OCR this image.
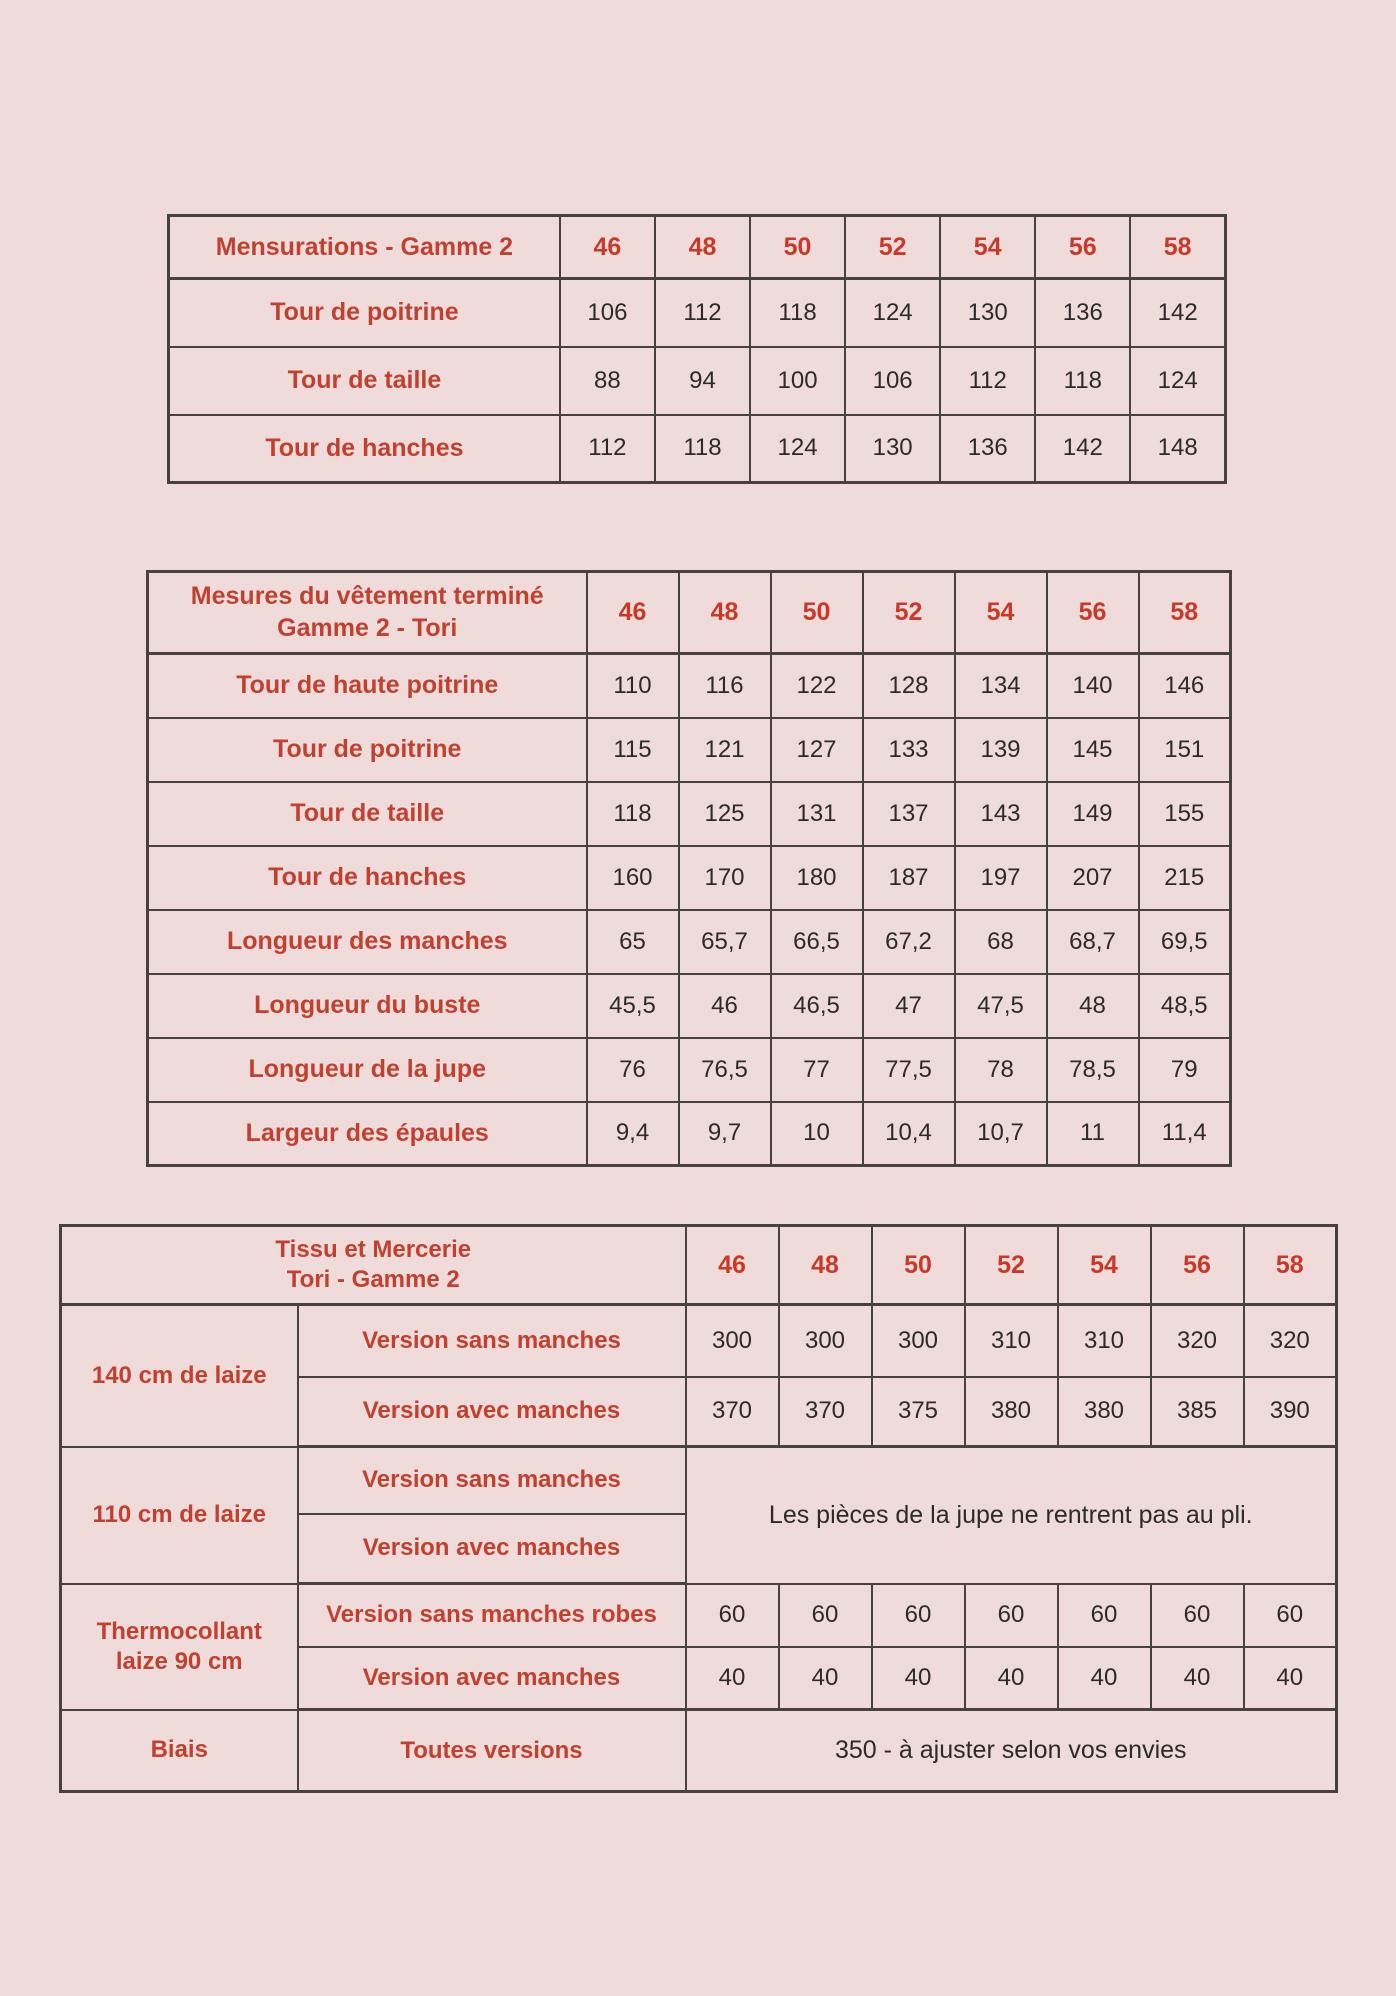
Mensurations - Gamme 2	46	48	50	52	54	56	58
Tour de poitrine	106	112	118	124	130	136	142
Tour de taille	88	94	100	106	112	118	124
Tour de hanches	112	118	124	130	136	142	148
Mesures du vêtement terminé
Gamme 2 - Tori	46	48	50	52	54	56	58
Tour de haute poitrine	110	116	122	128	134	140	146
Tour de poitrine	115	121	127	133	139	145	151
Tour de taille	118	125	131	137	143	149	155
Tour de hanches	160	170	180	187	197	207	215
Longueur des manches	65	65,7	66,5	67,2	68	68,7	69,5
Longueur du buste	45,5	46	46,5	47	47,5	48	48,5
Longueur de la jupe	76	76,5	77	77,5	78	78,5	79
Largeur des épaules	9,4	9,7	10	10,4	10,7	11	11,4
Tissu et Mercerie
Tori - Gamme 2		46	48	50	52	54	56	58
140 cm de laize	Version sans manches	300	300	300	310	310	320	320
	Version avec manches	370	370	375	380	380	385	390
110 cm de laize	Version sans manches	Les pièces de la jupe ne rentrent pas au pli.						
	Version avec manches							

Thermocollant
laize 90 cm	Version sans manches robes	60	60	60	60	60	60	60
	Version avec manches	40	40	40	40	40	40	40
Biais	Toutes versions	350 - à ajuster selon vos envies						
